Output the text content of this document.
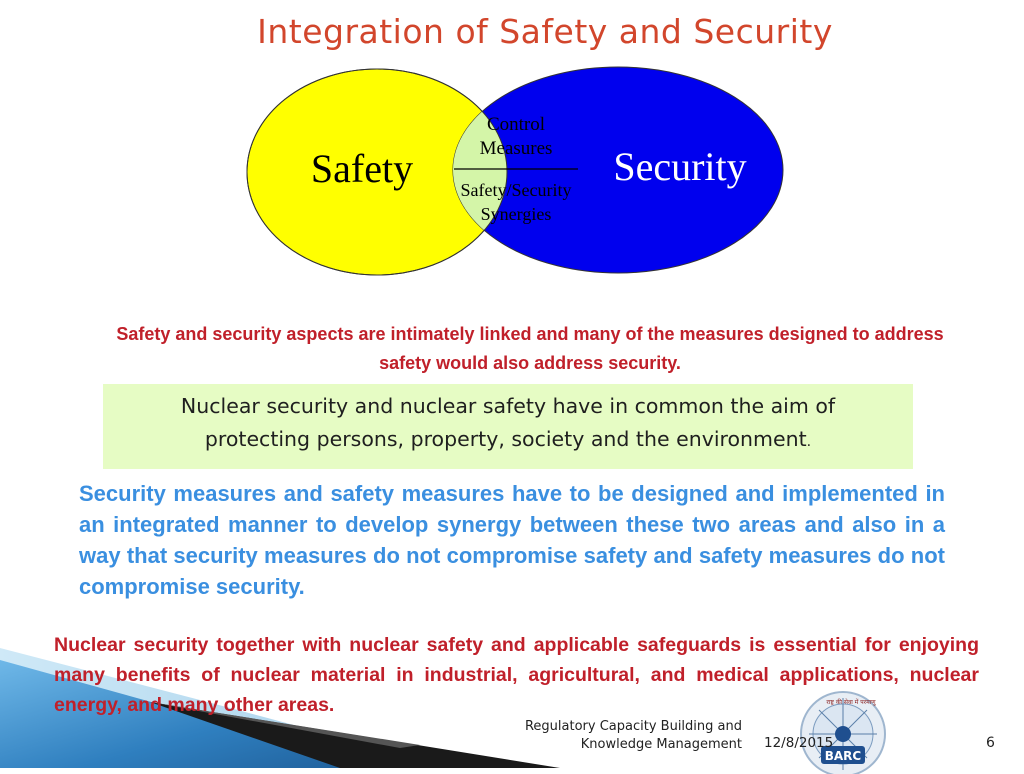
Integration of Safety and Security
Safety	Security
Control
Measures
Safety/Security
Synergies
Safety and security aspects are intimately linked and many of the measures designed to address safety would also address security.
Nuclear security and nuclear safety have in common the aim of
protecting persons, property, society and the environment.
Security measures and safety measures have to be designed and implemented in an integrated manner to develop synergy between these two areas and also in a way that security measures do not compromise safety and safety measures do not compromise security.
Nuclear security together with nuclear safety and applicable safeguards is essential for enjoying many benefits of nuclear material in industrial, agricultural, and medical applications, nuclear energy, and many other areas.
Regulatory Capacity Building and
Knowledge Management
BARC
राष्ट्र की सेवा में परमाणु
12/8/2015	6
